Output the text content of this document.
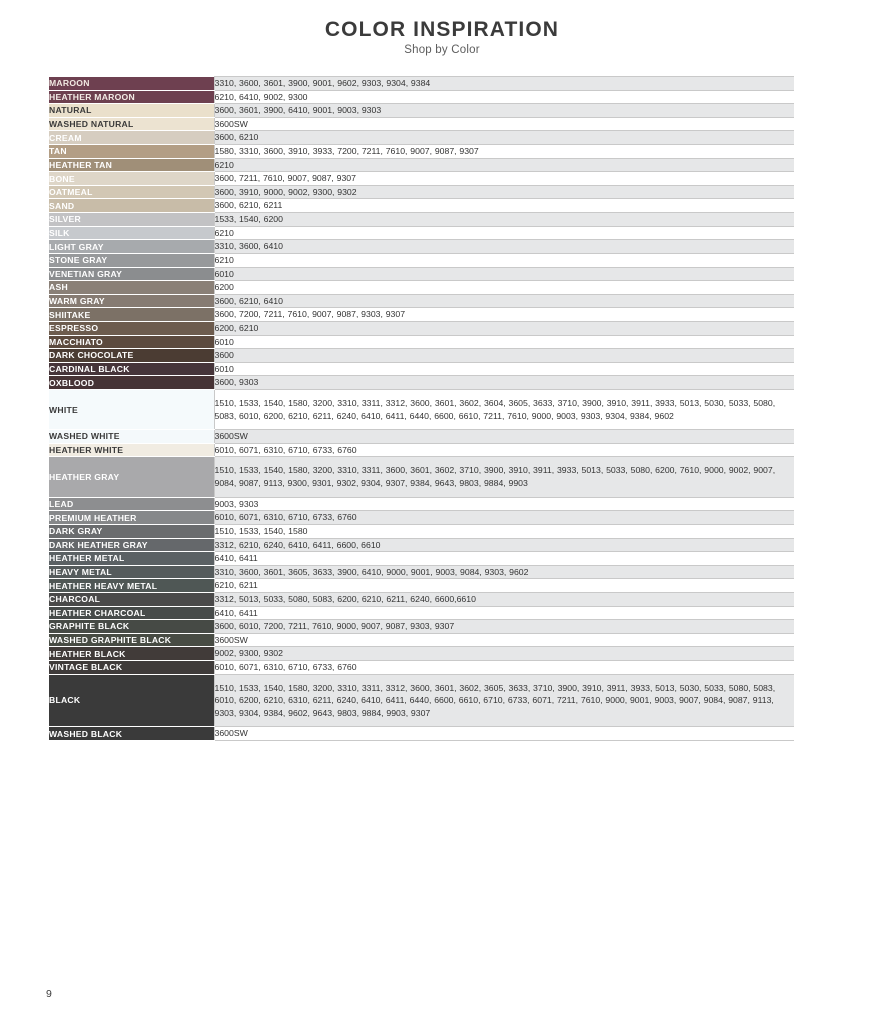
COLOR INSPIRATION
Shop by Color
MAROON	3310, 3600, 3601, 3900, 9001, 9602, 9303, 9304, 9384
HEATHER MAROON	6210, 6410, 9002, 9300
NATURAL	3600, 3601, 3900, 6410, 9001, 9003, 9303
WASHED NATURAL	3600SW
CREAM	3600, 6210
TAN	1580, 3310, 3600, 3910, 3933, 7200, 7211, 7610, 9007, 9087, 9307
HEATHER TAN	6210
BONE	3600, 7211, 7610, 9007, 9087, 9307
OATMEAL	3600, 3910, 9000, 9002, 9300, 9302
SAND	3600, 6210, 6211
SILVER	1533, 1540, 6200
SILK	6210
LIGHT GRAY	3310, 3600, 6410
STONE GRAY	6210
VENETIAN GRAY	6010
ASH	6200
WARM GRAY	3600, 6210, 6410
SHIITAKE	3600, 7200, 7211, 7610, 9007, 9087, 9303, 9307
ESPRESSO	6200, 6210
MACCHIATO	6010
DARK CHOCOLATE	3600
CARDINAL BLACK	6010
OXBLOOD	3600, 9303
WHITE	1510, 1533, 1540, 1580, 3200, 3310, 3311, 3312, 3600, 3601, 3602, 3604, 3605, 3633, 3710, 3900, 3910, 3911, 3933, 5013, 5030, 5033, 5080, 5083, 6010, 6200, 6210, 6211, 6240, 6410, 6411, 6440, 6600, 6610, 7211, 7610, 9000, 9003, 9303, 9304, 9384, 9602
WASHED WHITE	3600SW
HEATHER WHITE	6010, 6071, 6310, 6710, 6733, 6760
HEATHER GRAY	1510, 1533, 1540, 1580, 3200, 3310, 3311, 3600, 3601, 3602, 3710, 3900, 3910, 3911, 3933, 5013, 5033, 5080, 6200, 7610, 9000, 9002, 9007, 9084, 9087, 9113, 9300, 9301, 9302, 9304, 9307, 9384, 9643, 9803, 9884, 9903
LEAD	9003, 9303
PREMIUM HEATHER	6010, 6071, 6310, 6710, 6733, 6760
DARK GRAY	1510, 1533, 1540, 1580
DARK HEATHER GRAY	3312, 6210, 6240, 6410, 6411, 6600, 6610
HEATHER METAL	6410, 6411
HEAVY METAL	3310, 3600, 3601, 3605, 3633, 3900, 6410, 9000, 9001, 9003, 9084, 9303, 9602
HEATHER HEAVY METAL	6210, 6211
CHARCOAL	3312, 5013, 5033, 5080, 5083, 6200, 6210, 6211, 6240, 6600,6610
HEATHER CHARCOAL	6410, 6411
GRAPHITE BLACK	3600, 6010, 7200, 7211, 7610, 9000, 9007, 9087, 9303, 9307
WASHED GRAPHITE BLACK	3600SW
HEATHER BLACK	9002, 9300, 9302
VINTAGE BLACK	6010, 6071, 6310, 6710, 6733, 6760
BLACK	1510, 1533, 1540, 1580, 3200, 3310, 3311, 3312, 3600, 3601, 3602, 3605, 3633, 3710, 3900, 3910, 3911, 3933, 5013, 5030, 5033, 5080, 5083, 6010, 6200, 6210, 6310, 6211, 6240, 6410, 6411, 6440, 6600, 6610, 6710, 6733, 6071, 7211, 7610, 9000, 9001, 9003, 9007, 9084, 9087, 9113, 9303, 9304, 9384, 9602, 9643, 9803, 9884, 9903, 9307
WASHED BLACK	3600SW
9
